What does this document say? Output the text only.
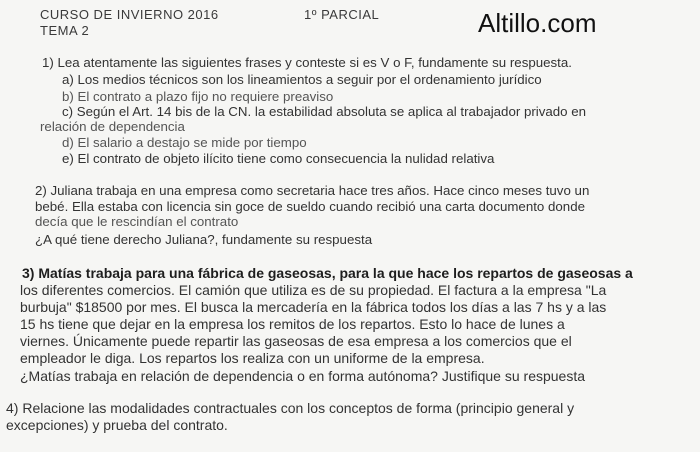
CURSO DE INVIERNO 2016	1º PARCIAL
TEMA 2	Altillo.com
1) Lea atentamente las siguientes frases y conteste si es V o F, fundamente su respuesta.
a) Los medios técnicos son los lineamientos a seguir por el ordenamiento jurídico
b) El contrato a plazo fijo no requiere preaviso
c) Según el Art. 14 bis de la CN. la estabilidad absoluta se aplica al trabajador privado en
relación de dependencia
d) El salario a destajo se mide por tiempo
e) El contrato de objeto ilícito tiene como consecuencia la nulidad relativa
2) Juliana trabaja en una empresa como secretaria hace tres años. Hace cinco meses tuvo un
bebé. Ella estaba con licencia sin goce de sueldo cuando recibió una carta documento donde
decía que le rescindían el contrato
¿A qué tiene derecho Juliana?, fundamente su respuesta
3) Matías trabaja para una fábrica de gaseosas, para la que hace los repartos de gaseosas a
los diferentes comercios. El camión que utiliza es de su propiedad. El factura a la empresa "La
burbuja" $18500 por mes. El busca la mercadería en la fábrica todos los días a las 7 hs y a las
15 hs tiene que dejar en la empresa los remitos de los repartos. Esto lo hace de lunes a
viernes. Únicamente puede repartir las gaseosas de esa empresa a los comercios que el
empleador le diga. Los repartos los realiza con un uniforme de la empresa.
¿Matías trabaja en relación de dependencia o en forma autónoma? Justifique su respuesta
4) Relacione las modalidades contractuales con los conceptos de forma (principio general y
excepciones) y prueba del contrato.
